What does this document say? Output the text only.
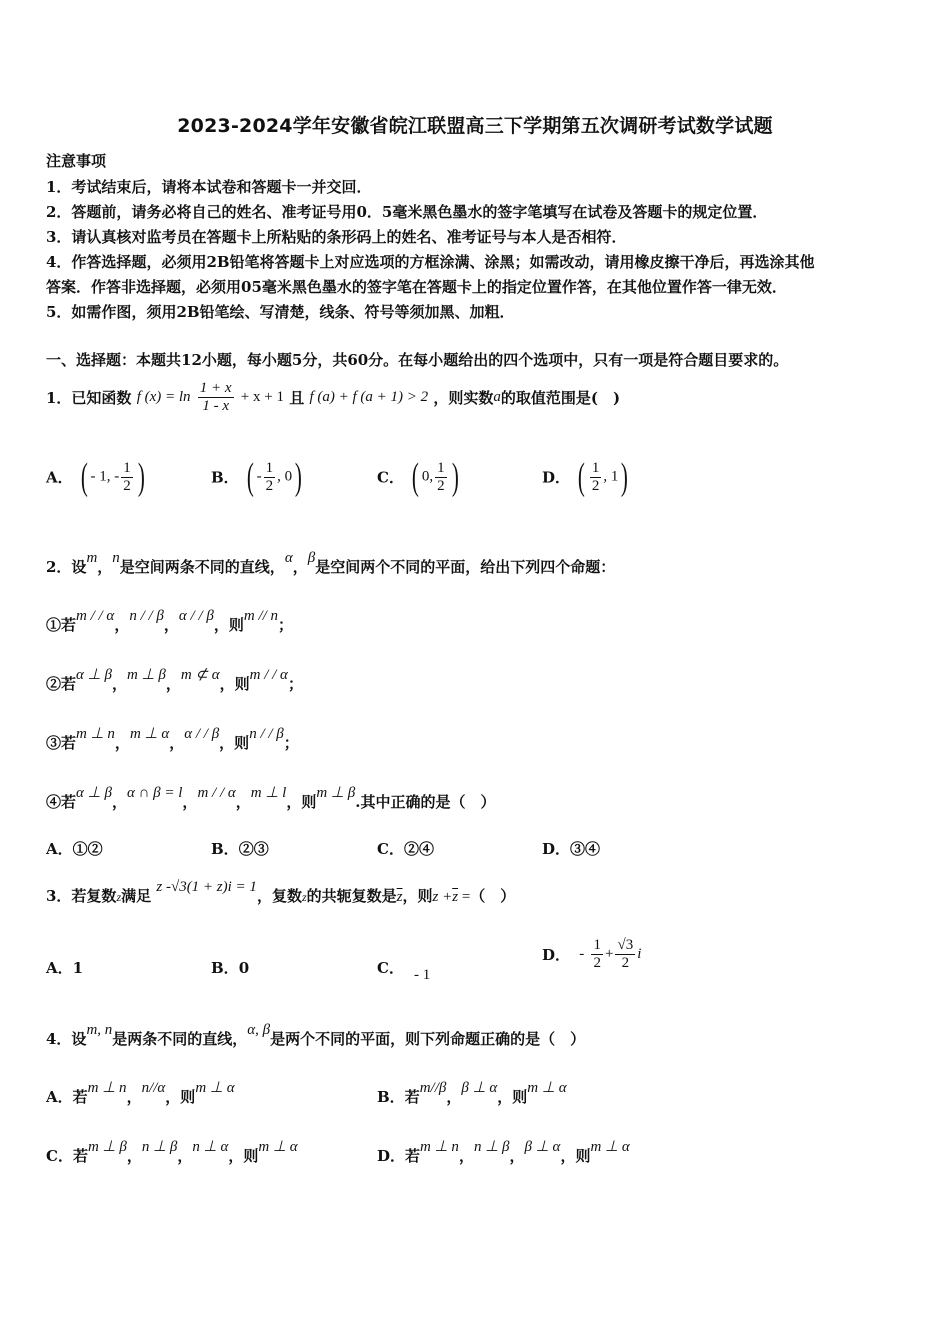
2023-2024学年安徽省皖江联盟高三下学期第五次调研考试数学试题
注意事项
1．考试结束后，请将本试卷和答题卡一并交回．
2．答题前，请务必将自己的姓名、准考证号用0．5毫米黑色墨水的签字笔填写在试卷及答题卡的规定位置．
3．请认真核对监考员在答题卡上所粘贴的条形码上的姓名、准考证号与本人是否相符．
4．作答选择题，必须用2B铅笔将答题卡上对应选项的方框涂满、涂黑；如需改动，请用橡皮擦干净后，再选涂其他
答案．作答非选择题，必须用05毫米黑色墨水的签字笔在答题卡上的指定位置作答，在其他位置作答一律无效．
5．如需作图，须用2B铅笔绘、写清楚，线条、符号等须加黑、加粗．
一、选择题：本题共12小题，每小题5分，共60分。在每小题给出的四个选项中，只有一项是符合题目要求的。
1．已知函数 f $(x) = \ln \frac{1 + x}{1 - x} + x + 1$ 且 f (a) + f (a + 1) > 2 ，则实数a的取值范围是(　)
A． ( - 1, - $\frac{1}{2}$ )	B． ( - $\frac{1}{2}$ , 0)	C． ( 0, $\frac{1}{2}$ )	D． ( $\frac{1}{2}$ , 1)
2．设m，n是空间两条不同的直线，α，β是空间两个不同的平面，给出下列四个命题：
①若m / / α，n / / β，α / / β，则m // n；
②若α ⊥ β，m ⊥ β，m ⊄ α，则m / / α；
③若m ⊥ n，m ⊥ α，α / / β，则n / / β；
④若α ⊥ β，α ∩ β = l，m / / α，m ⊥ l，则m ⊥ β.其中正确的是（　）
A．①②	B．②③	C．②④	D．③④
3．若复数z满足 z -√3(1 + z)i = 1，复数z的共轭复数是$\overline{z}$，则$z +\overline{z}$ =（　）
A．1	B．0	C． - 1
D． - $\frac{1}{2} + \frac{√3}{2}$ i
4．设m, n是两条不同的直线，α, β是两个不同的平面，则下列命题正确的是（　）
A．若m ⊥ n，n//α，则m ⊥ α	B．若m//β，β ⊥ α，则m ⊥ α
C．若m ⊥ β，n ⊥ β，n ⊥ α，则m ⊥ α	D．若m ⊥ n，n ⊥ β，β ⊥ α，则m ⊥ α
